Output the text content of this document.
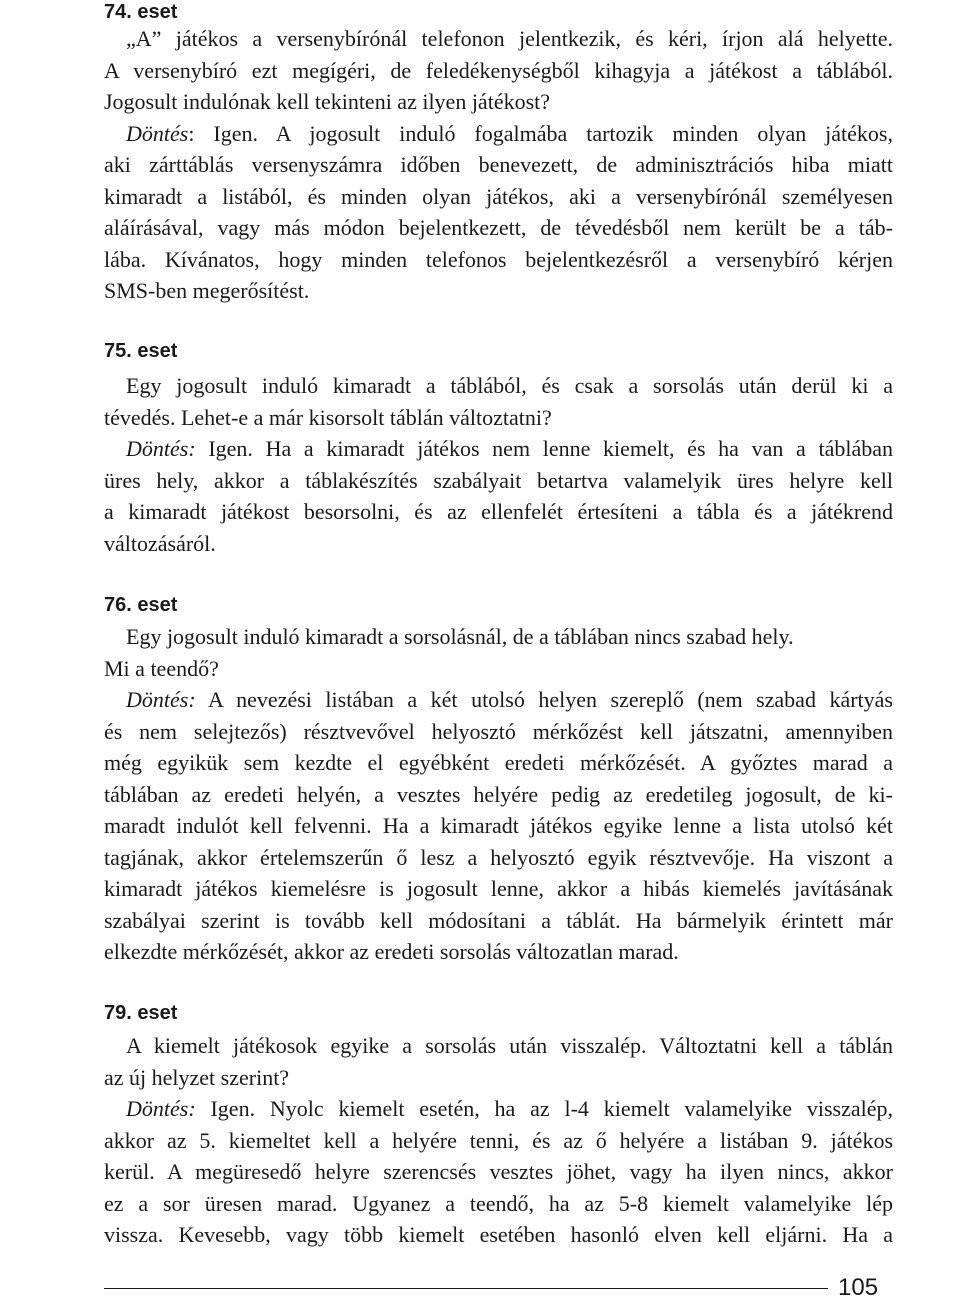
74. eset
„A” játékos a versenybírónál telefonon jelentkezik, és kéri, írjon alá helyette.
A versenybíró ezt megígéri, de feledékenységből kihagyja a játékost a táblából.
Jogosult indulónak kell tekinteni az ilyen játékost?
Döntés: Igen. A jogosult induló fogalmába tartozik minden olyan játékos,
aki zárttáblás versenyszámra időben benevezett, de adminisztrációs hiba miatt
kimaradt a listából, és minden olyan játékos, aki a versenybírónál személyesen
aláírásával, vagy más módon bejelentkezett, de tévedésből nem került be a táb-
lába. Kívánatos, hogy minden telefonos bejelentkezésről a versenybíró kérjen
SMS-ben megerősítést.
75. eset
Egy jogosult induló kimaradt a táblából, és csak a sorsolás után derül ki a
tévedés. Lehet-e a már kisorsolt táblán változtatni?
Döntés: Igen. Ha a kimaradt játékos nem lenne kiemelt, és ha van a táblában
üres hely, akkor a táblakészítés szabályait betartva valamelyik üres helyre kell
a kimaradt játékost besorsolni, és az ellenfelét értesíteni a tábla és a játékrend
változásáról.
76. eset
Egy jogosult induló kimaradt a sorsolásnál, de a táblában nincs szabad hely.
Mi a teendő?
Döntés: A nevezési listában a két utolsó helyen szereplő (nem szabad kártyás
és nem selejtezős) résztvevővel helyosztó mérkőzést kell játszatni, amennyiben
még egyikük sem kezdte el egyébként eredeti mérkőzését. A győztes marad a
táblában az eredeti helyén, a vesztes helyére pedig az eredetileg jogosult, de ki-
maradt indulót kell felvenni. Ha a kimaradt játékos egyike lenne a lista utolsó két
tagjának, akkor értelemszerűn ő lesz a helyosztó egyik résztvevője. Ha viszont a
kimaradt játékos kiemelésre is jogosult lenne, akkor a hibás kiemelés javításának
szabályai szerint is tovább kell módosítani a táblát. Ha bármelyik érintett már
elkezdte mérkőzését, akkor az eredeti sorsolás változatlan marad.
79. eset
A kiemelt játékosok egyike a sorsolás után visszalép. Változtatni kell a táblán
az új helyzet szerint?
Döntés: Igen. Nyolc kiemelt esetén, ha az l-4 kiemelt valamelyike visszalép,
akkor az 5. kiemeltet kell a helyére tenni, és az ő helyére a listában 9. játékos
kerül. A megüresedő helyre szerencsés vesztes jöhet, vagy ha ilyen nincs, akkor
ez a sor üresen marad. Ugyanez a teendő, ha az 5-8 kiemelt valamelyike lép
vissza. Kevesebb, vagy több kiemelt esetében hasonló elven kell eljárni. Ha a
105
